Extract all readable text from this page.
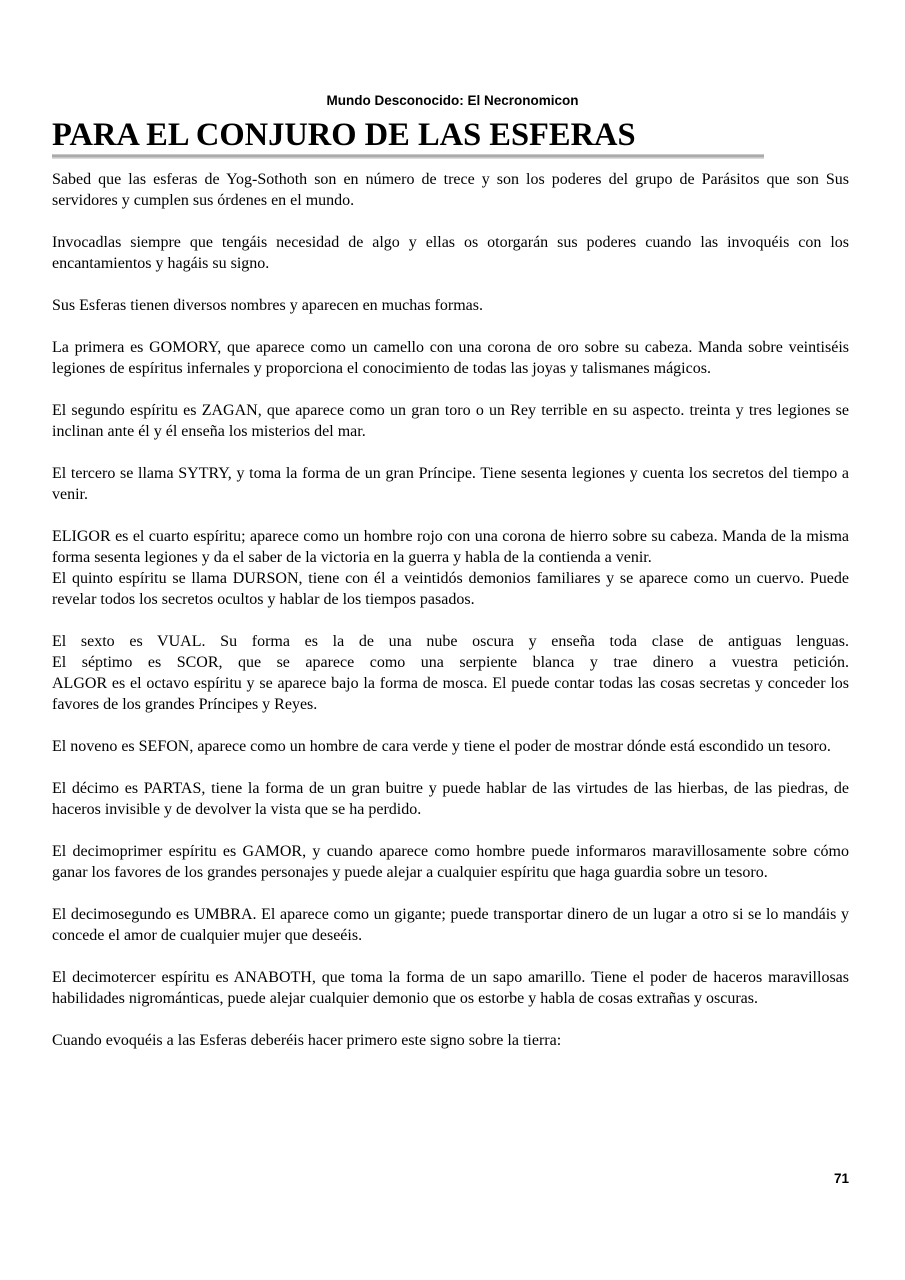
Mundo Desconocido: El Necronomicon
PARA EL CONJURO DE LAS ESFERAS

Sabed que las esferas de Yog-Sothoth son en número de trece y son los poderes del grupo de Parásitos que son Sus servidores y cumplen sus órdenes en el mundo.

Invocadlas siempre que tengáis necesidad de algo y ellas os otorgarán sus poderes cuando las invoquéis con los encantamientos y hagáis su signo.

Sus Esferas tienen diversos nombres y aparecen en muchas formas.

La primera es GOMORY, que aparece como un camello con una corona de oro sobre su cabeza. Manda sobre veintiséis legiones de espíritus infernales y proporciona el conocimiento de todas las joyas y talismanes mágicos.

El segundo espíritu es ZAGAN, que aparece como un gran toro o un Rey terrible en su aspecto. treinta y tres legiones se inclinan ante él y él enseña los misterios del mar.

El tercero se llama SYTRY, y toma la forma de un gran Príncipe. Tiene sesenta legiones y cuenta los secretos del tiempo a venir.

ELIGOR es el cuarto espíritu; aparece como un hombre rojo con una corona de hierro sobre su cabeza. Manda de la misma forma sesenta legiones y da el saber de la victoria en la guerra y habla de la contienda a venir.

El quinto espíritu se llama DURSON, tiene con él a veintidós demonios familiares y se aparece como un cuervo. Puede revelar todos los secretos ocultos y hablar de los tiempos pasados.

El sexto es VUAL. Su forma es la de una nube oscura y enseña toda clase de antiguas lenguas.
El séptimo es SCOR, que se aparece como una serpiente blanca y trae dinero a vuestra petición.
ALGOR es el octavo espíritu y se aparece bajo la forma de mosca. El puede contar todas las cosas secretas y conceder los favores de los grandes Príncipes y Reyes.

El noveno es SEFON, aparece como un hombre de cara verde y tiene el poder de mostrar dónde está escondido un tesoro.

El décimo es PARTAS, tiene la forma de un gran buitre y puede hablar de las virtudes de las hierbas, de las piedras, de haceros invisible y de devolver la vista que se ha perdido.

El decimoprimer espíritu es GAMOR, y cuando aparece como hombre puede informaros maravillosamente sobre cómo ganar los favores de los grandes personajes y puede alejar a cualquier espíritu que haga guardia sobre un tesoro.

El decimosegundo es UMBRA. El aparece como un gigante; puede transportar dinero de un lugar a otro si se lo mandáis y concede el amor de cualquier mujer que deseéis.

El decimotercer espíritu es ANABOTH, que toma la forma de un sapo amarillo. Tiene el poder de haceros maravillosas habilidades nigrománticas, puede alejar cualquier demonio que os estorbe y habla de cosas extrañas y oscuras.

Cuando evoquéis a las Esferas deberéis hacer primero este signo sobre la tierra:

71
